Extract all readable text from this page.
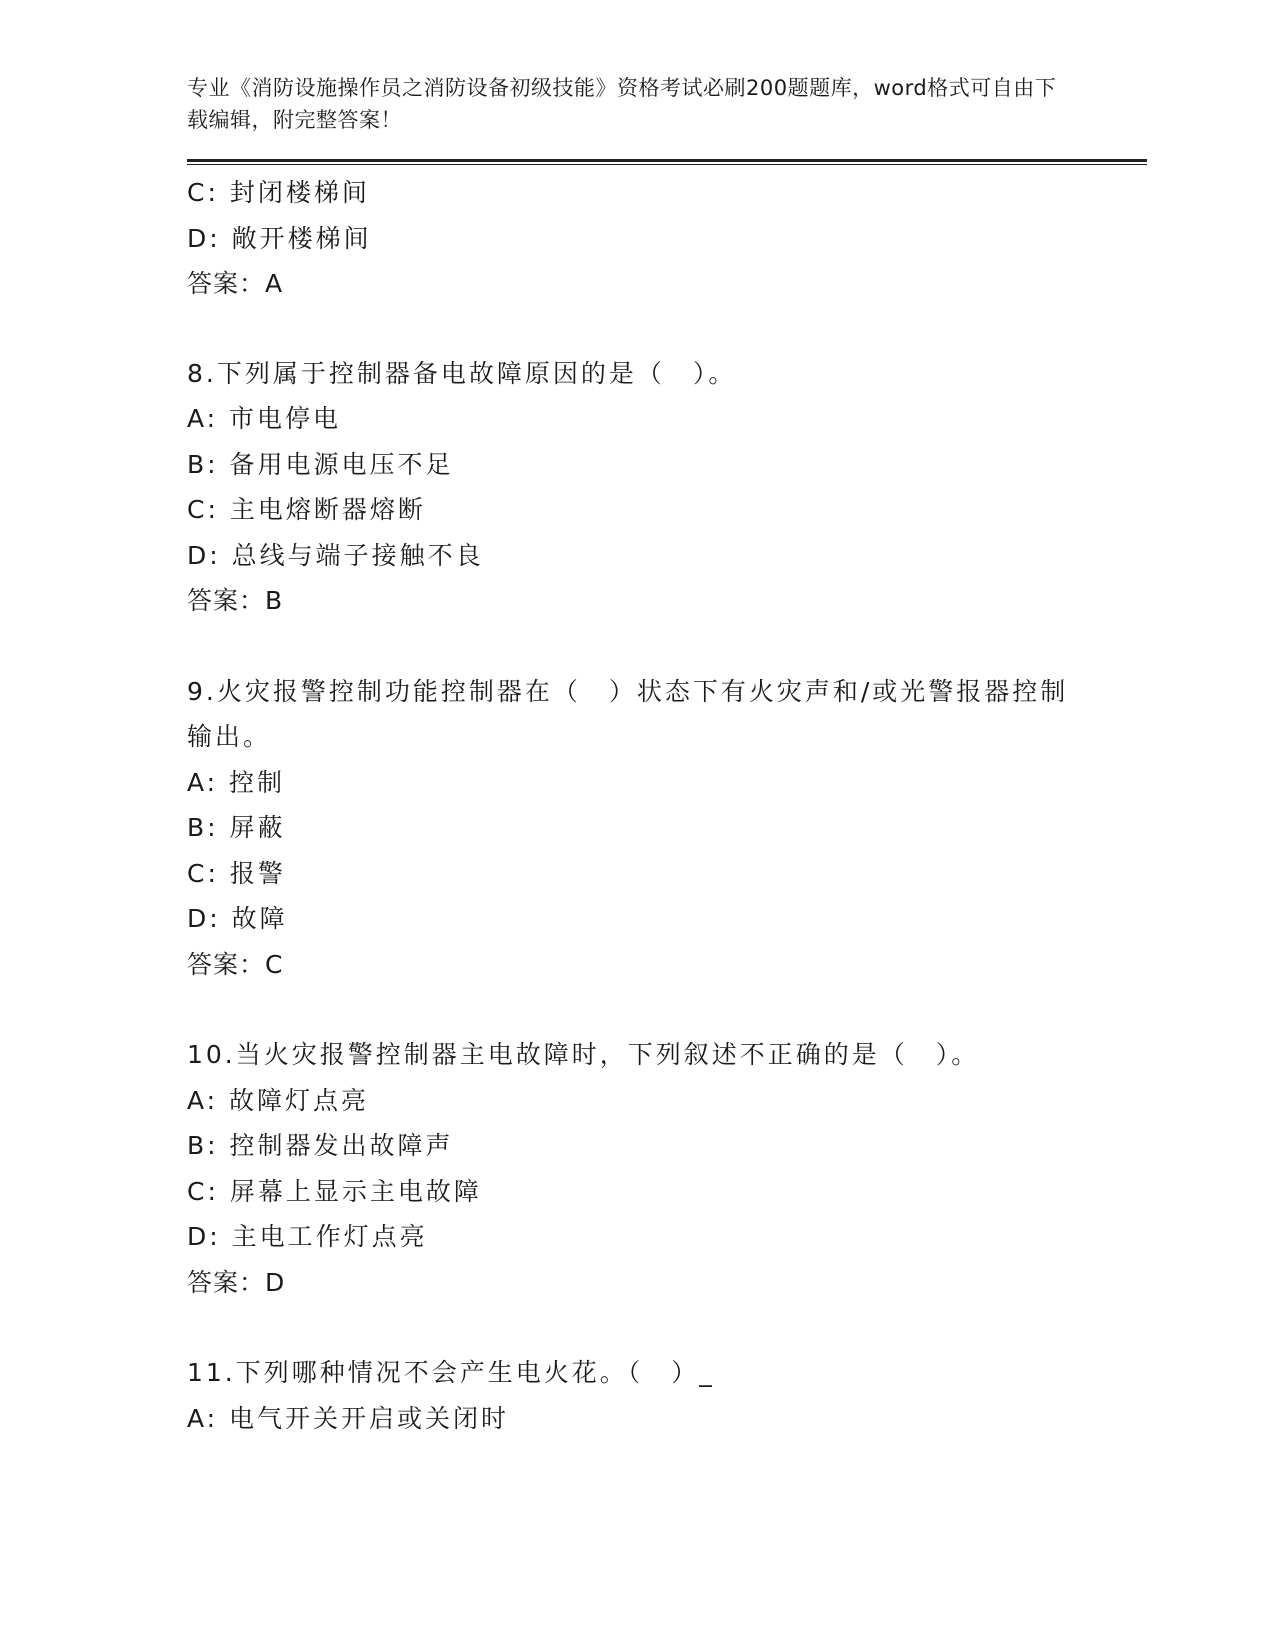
专业《消防设施操作员之消防设备初级技能》资格考试必刷200题题库，word格式可自由下载编辑，附完整答案！
C: 封闭楼梯间
D: 敞开楼梯间
答案：A
8.下列属于控制器备电故障原因的是（　）。
A: 市电停电
B: 备用电源电压不足
C: 主电熔断器熔断
D: 总线与端子接触不良
答案：B
9.火灾报警控制功能控制器在（　）状态下有火灾声和/或光警报器控制输出。
A: 控制
B: 屏蔽
C: 报警
D: 故障
答案：C
10.当火灾报警控制器主电故障时，下列叙述不正确的是（　）。
A: 故障灯点亮
B: 控制器发出故障声
C: 屏幕上显示主电故障
D: 主电工作灯点亮
答案：D
11.下列哪种情况不会产生电火花。（　）_
A: 电气开关开启或关闭时
